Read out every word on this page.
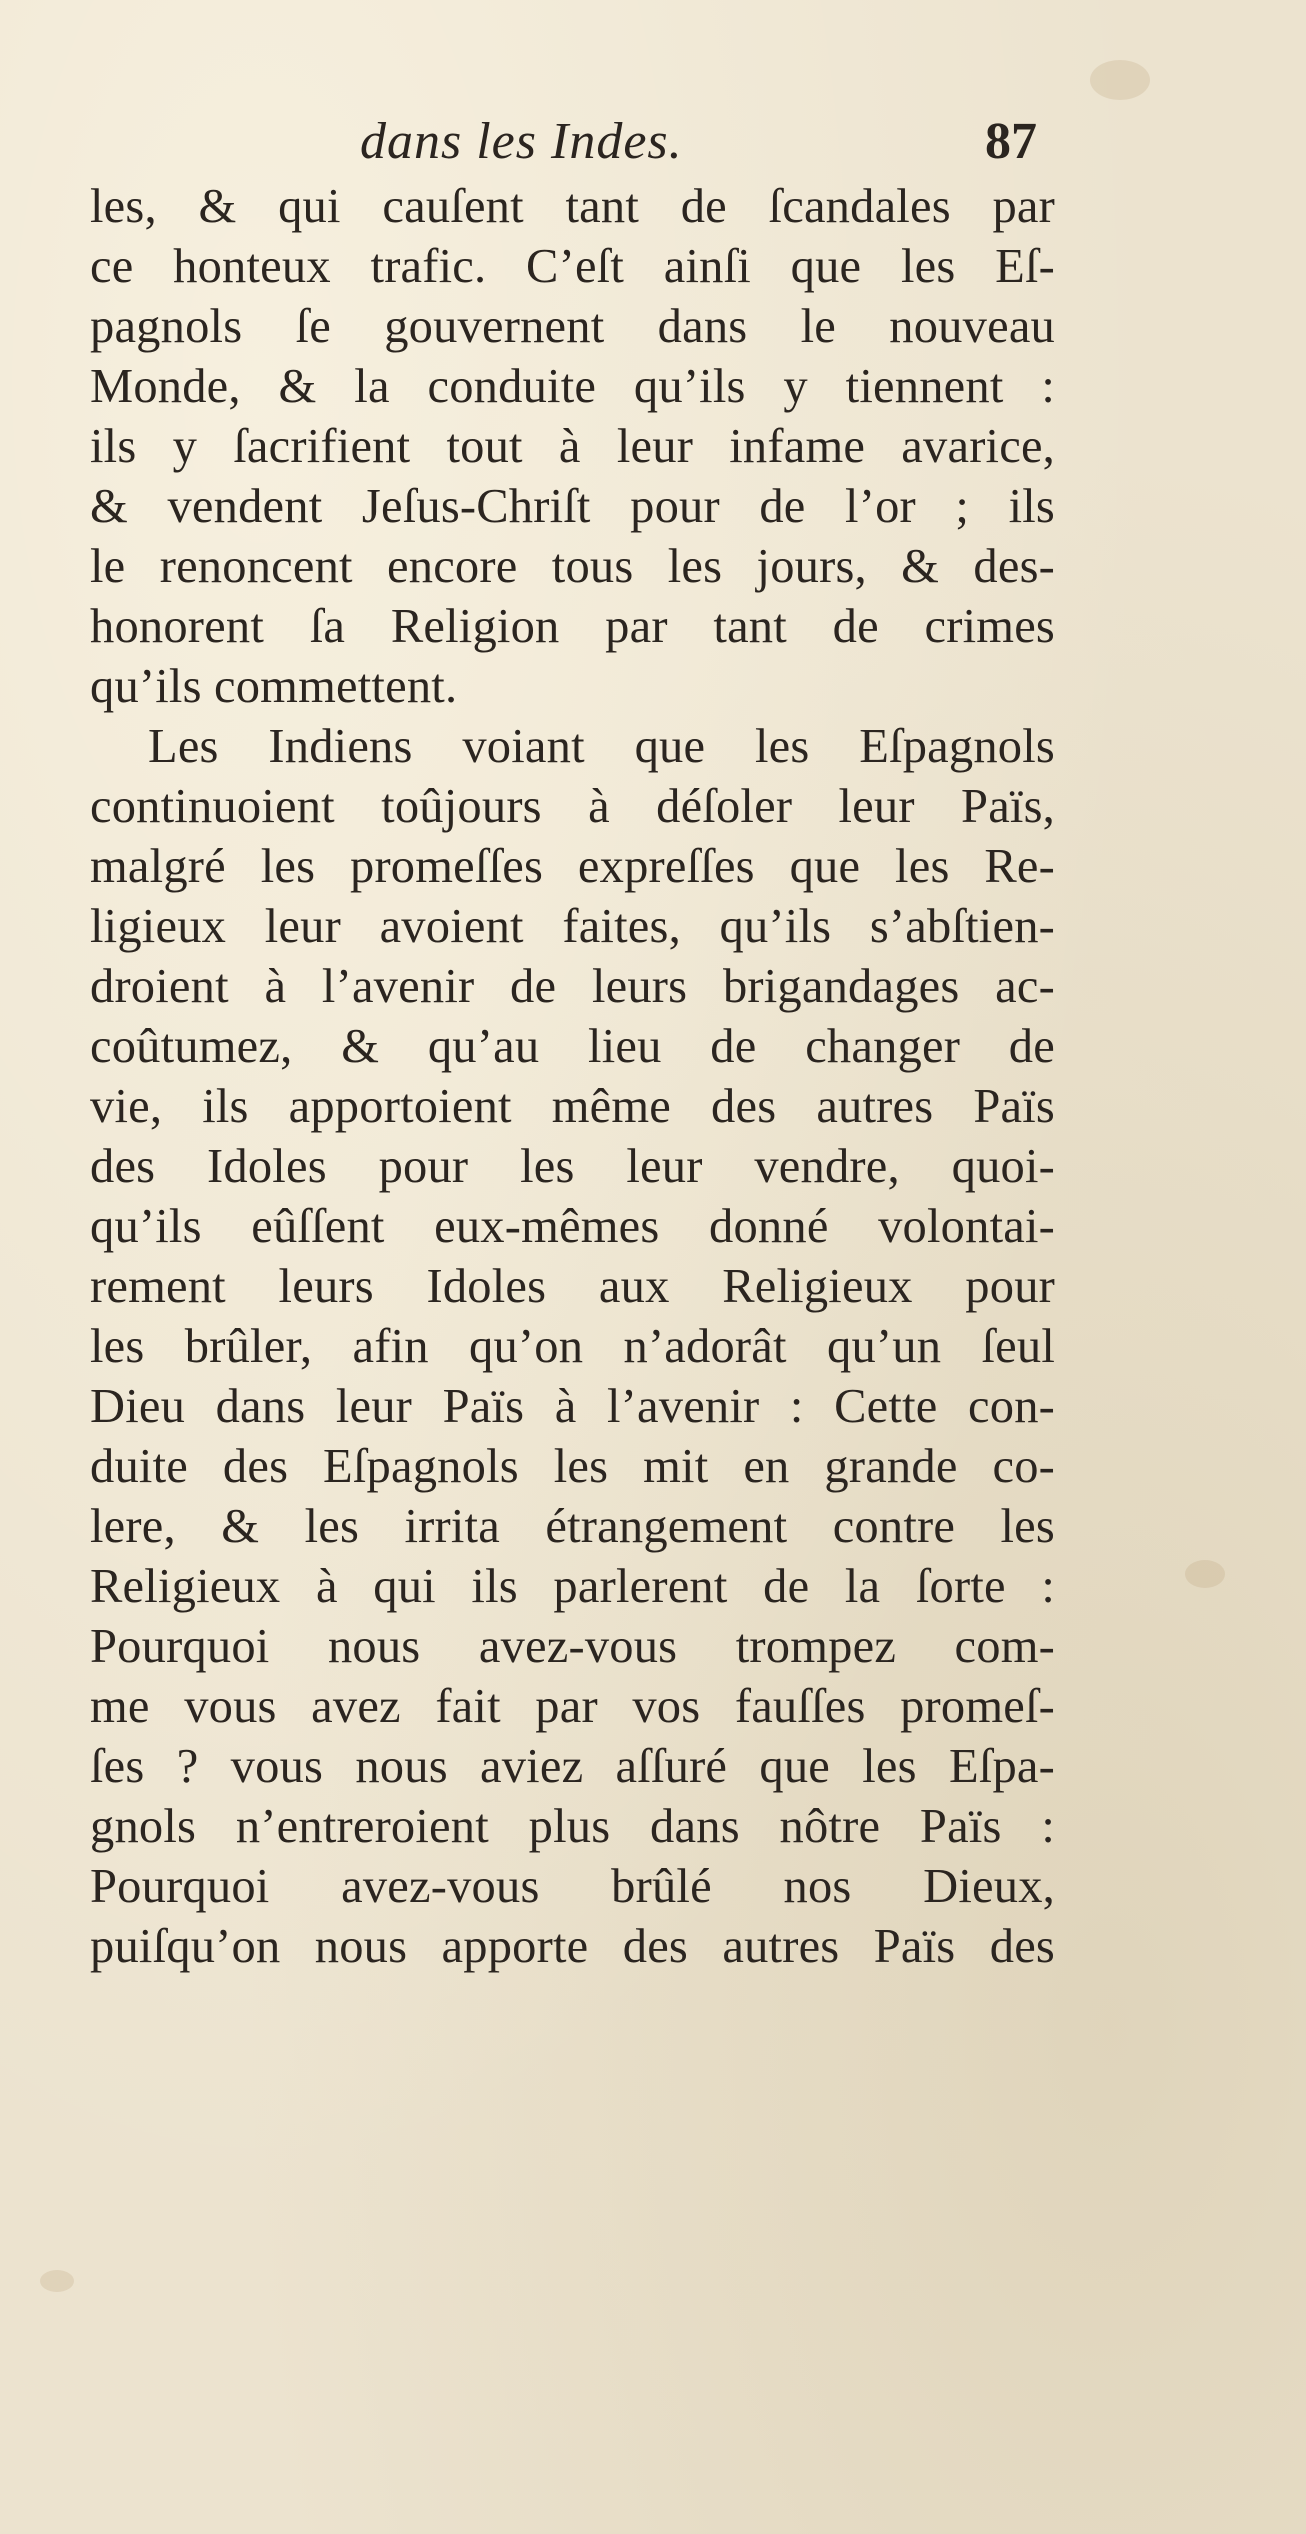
dans les Indes.	87
les, & qui cauſent tant de ſcandales par
ce honteux trafic. C’eſt ainſi que les Eſ-
pagnols ſe gouvernent dans le nouveau
Monde, & la conduite qu’ils y tiennent :
ils y ſacrifient tout à leur infame avarice,
& vendent Jeſus-Chriſt pour de l’or ; ils
le renoncent encore tous les jours, & des-
honorent ſa Religion par tant de crimes
qu’ils commettent.
Les Indiens voiant que les Eſpagnols
continuoient toûjours à déſoler leur Païs,
malgré les promeſſes expreſſes que les Re-
ligieux leur avoient faites, qu’ils s’abſtien-
droient à l’avenir de leurs brigandages ac-
coûtumez, & qu’au lieu de changer de
vie, ils apportoient même des autres Païs
des Idoles pour les leur vendre, quoi-
qu’ils eûſſent eux-mêmes donné volontai-
rement leurs Idoles aux Religieux pour
les brûler, afin qu’on n’adorât qu’un ſeul
Dieu dans leur Païs à l’avenir : Cette con-
duite des Eſpagnols les mit en grande co-
lere, & les irrita étrangement contre les
Religieux à qui ils parlerent de la ſorte :
Pourquoi nous avez-vous trompez com-
me vous avez fait par vos fauſſes promeſ-
ſes ? vous nous aviez aſſuré que les Eſpa-
gnols n’entreroient plus dans nôtre Païs :
Pourquoi avez-vous brûlé nos Dieux,
puiſqu’on nous apporte des autres Païs des
